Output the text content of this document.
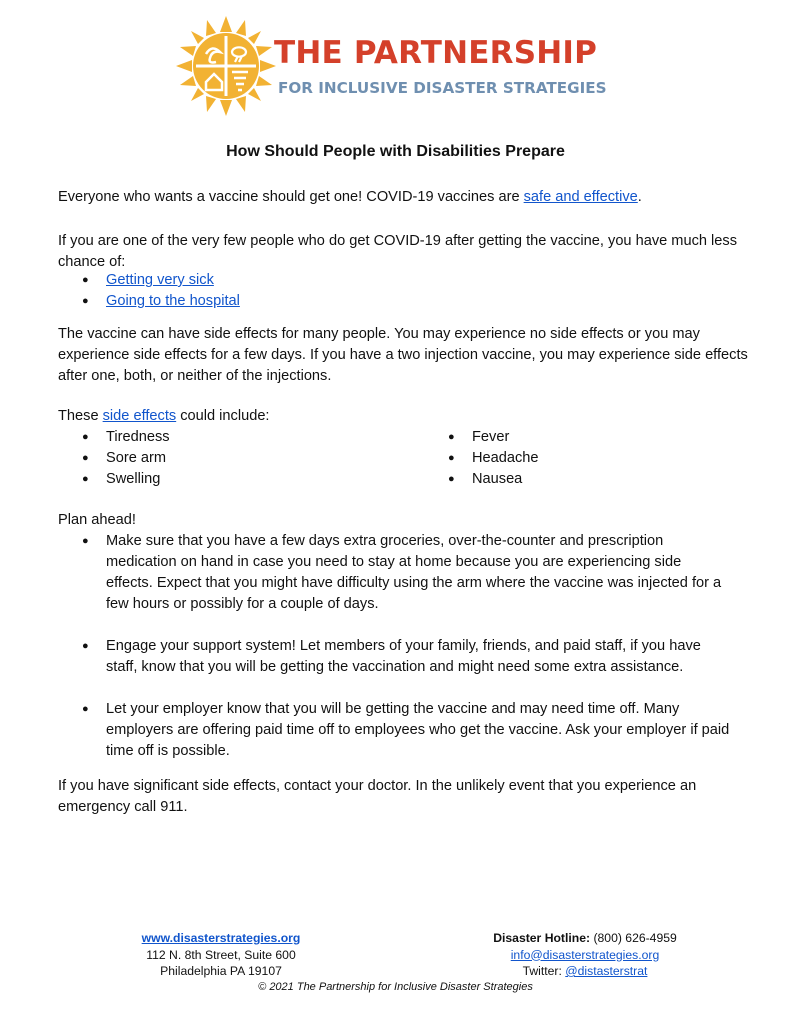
THE PARTNERSHIP
FOR INCLUSIVE DISASTER STRATEGIES
How Should People with Disabilities Prepare

Everyone who wants a vaccine should get one! COVID-19 vaccines are safe and effective.

If you are one of the very few people who do get COVID-19 after getting the vaccine, you have much less chance of:

● Getting very sick
● Going to the hospital

The vaccine can have side effects for many people. You may experience no side effects or you may experience side effects for a few days. If you have a two injection vaccine, you may experience side effects after one, both, or neither of the injections.

These side effects could include:

● Tiredness
● Sore arm
● Swelling
● Fever
● Headache
● Nausea

Plan ahead!

● Make sure that you have a few days extra groceries, over-the-counter and prescription medication on hand in case you need to stay at home because you are experiencing side effects. Expect that you might have difficulty using the arm where the vaccine was injected for a few hours or possibly for a couple of days.
● Engage your support system! Let members of your family, friends, and paid staff, if you have staff, know that you will be getting the vaccination and might need some extra assistance.
● Let your employer know that you will be getting the vaccine and may need time off. Many employers are offering paid time off to employees who get the vaccine. Ask your employer if paid time off is possible.

If you have significant side effects, contact your doctor. In the unlikely event that you experience an emergency call 911.

www.disasterstrategies.org
112 N. 8th Street, Suite 600
Philadelphia PA 19107
Disaster Hotline: (800) 626-4959
info@disasterstrategies.org
Twitter: @distasterstrat
© 2021 The Partnership for Inclusive Disaster Strategies
